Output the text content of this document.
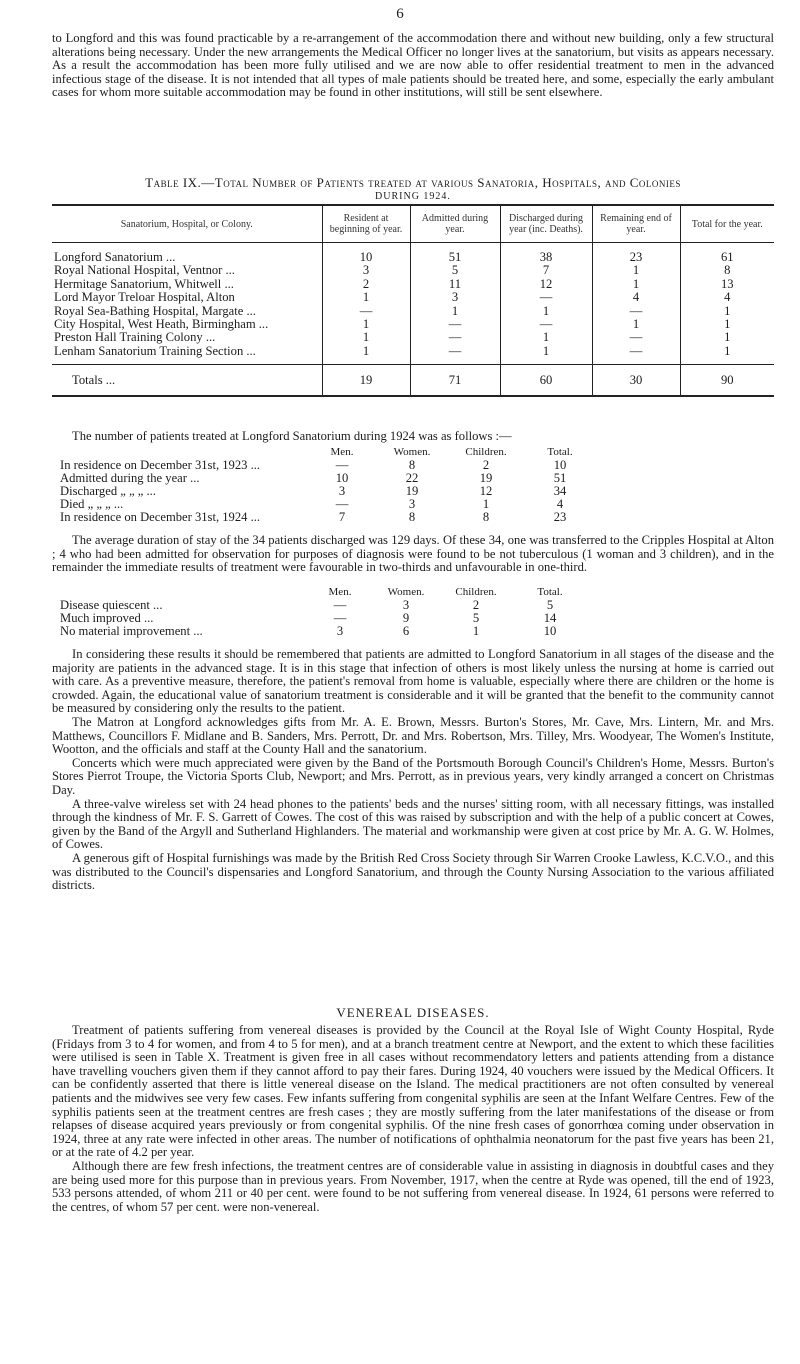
6

to Longford and this was found practicable by a re-arrangement of the accommodation there and without new building, only a few structural alterations being necessary. Under the new arrangements the Medical Officer no longer lives at the sanatorium, but visits as appears necessary. As a result the accommodation has been more fully utilised and we are now able to offer residential treatment to men in the advanced infectious stage of the disease. It is not intended that all types of male patients should be treated here, and some, especially the early ambulant cases for whom more suitable accommodation may be found in other institutions, will still be sent elsewhere.

Table IX.—Total Number of Patients treated at various Sanatoria, Hospitals, and Colonies
DURING 1924.
Sanatorium, Hospital, or Colony.	Resident at beginning of year.	Admitted during year.	Discharged during year (inc. Deaths).	Remaining end of year.	Total for the year.
Longford Sanatorium ...	10	51	38	23	61
Royal National Hospital, Ventnor ...	3	5	7	1	8
Hermitage Sanatorium, Whitwell ...	2	11	12	1	13
Lord Mayor Treloar Hospital, Alton	1	3	—	4	4
Royal Sea-Bathing Hospital, Margate ...	—	1	1	—	1
City Hospital, West Heath, Birmingham ...	1	—	—	1	1
Preston Hall Training Colony ...	1	—	1	—	1
Lenham Sanatorium Training Section ...	1	—	1	—	1
Totals ...	19	71	60	30	90

The number of patients treated at Longford Sanatorium during 1924 was as follows :—

Men.	Women.	Children.	Total.
In residence on December 31st, 1923 ...	—	8	2	10
Admitted during the year ...	10	22	19	51
Discharged „ „ „ ...	3	19	12	34
Died „ „ „ ...	—	3	1	4
In residence on December 31st, 1924 ...	7	8	8	23

The average duration of stay of the 34 patients discharged was 129 days. Of these 34, one was transferred to the Cripples Hospital at Alton ; 4 who had been admitted for observation for purposes of diagnosis were found to be not tuberculous (1 woman and 3 children), and in the remainder the immediate results of treatment were favourable in two-thirds and unfavourable in one-third.

Men.	Women.	Children.	Total.
Disease quiescent ...	—	3	2	5
Much improved ...	—	9	5	14
No material improvement ...	3	6	1	10

In considering these results it should be remembered that patients are admitted to Longford Sanatorium in all stages of the disease and the majority are patients in the advanced stage. It is in this stage that infection of others is most likely unless the nursing at home is carried out with care. As a preventive measure, therefore, the patient's removal from home is valuable, especially where there are children or the home is crowded. Again, the educational value of sanatorium treatment is considerable and it will be granted that the benefit to the community cannot be measured by considering only the results to the patient.

The Matron at Longford acknowledges gifts from Mr. A. E. Brown, Messrs. Burton's Stores, Mr. Cave, Mrs. Lintern, Mr. and Mrs. Matthews, Councillors F. Midlane and B. Sanders, Mrs. Perrott, Dr. and Mrs. Robertson, Mrs. Tilley, Mrs. Woodyear, The Women's Institute, Wootton, and the officials and staff at the County Hall and the sanatorium.

Concerts which were much appreciated were given by the Band of the Portsmouth Borough Council's Children's Home, Messrs. Burton's Stores Pierrot Troupe, the Victoria Sports Club, Newport; and Mrs. Perrott, as in previous years, very kindly arranged a concert on Christmas Day.

A three-valve wireless set with 24 head phones to the patients' beds and the nurses' sitting room, with all necessary fittings, was installed through the kindness of Mr. F. S. Garrett of Cowes. The cost of this was raised by subscription and with the help of a public concert at Cowes, given by the Band of the Argyll and Sutherland Highlanders. The material and workmanship were given at cost price by Mr. A. G. W. Holmes, of Cowes.

A generous gift of Hospital furnishings was made by the British Red Cross Society through Sir Warren Crooke Lawless, K.C.V.O., and this was distributed to the Council's dispensaries and Longford Sanatorium, and through the County Nursing Association to the various affiliated districts.

VENEREAL DISEASES.

Treatment of patients suffering from venereal diseases is provided by the Council at the Royal Isle of Wight County Hospital, Ryde (Fridays from 3 to 4 for women, and from 4 to 5 for men), and at a branch treatment centre at Newport, and the extent to which these facilities were utilised is seen in Table X. Treatment is given free in all cases without recommendatory letters and patients attending from a distance have travelling vouchers given them if they cannot afford to pay their fares. During 1924, 40 vouchers were issued by the Medical Officers. It can be confidently asserted that there is little venereal disease on the Island. The medical practitioners are not often consulted by venereal patients and the midwives see very few cases. Few infants suffering from congenital syphilis are seen at the Infant Welfare Centres. Few of the syphilis patients seen at the treatment centres are fresh cases ; they are mostly suffering from the later manifestations of the disease or from relapses of disease acquired years previously or from congenital syphilis. Of the nine fresh cases of gonorrhœa coming under observation in 1924, three at any rate were infected in other areas. The number of notifications of ophthalmia neonatorum for the past five years has been 21, or at the rate of 4.2 per year.

Although there are few fresh infections, the treatment centres are of considerable value in assisting in diagnosis in doubtful cases and they are being used more for this purpose than in previous years. From November, 1917, when the centre at Ryde was opened, till the end of 1923, 533 persons attended, of whom 211 or 40 per cent. were found to be not suffering from venereal disease. In 1924, 61 persons were referred to the centres, of whom 57 per cent. were non-venereal.
